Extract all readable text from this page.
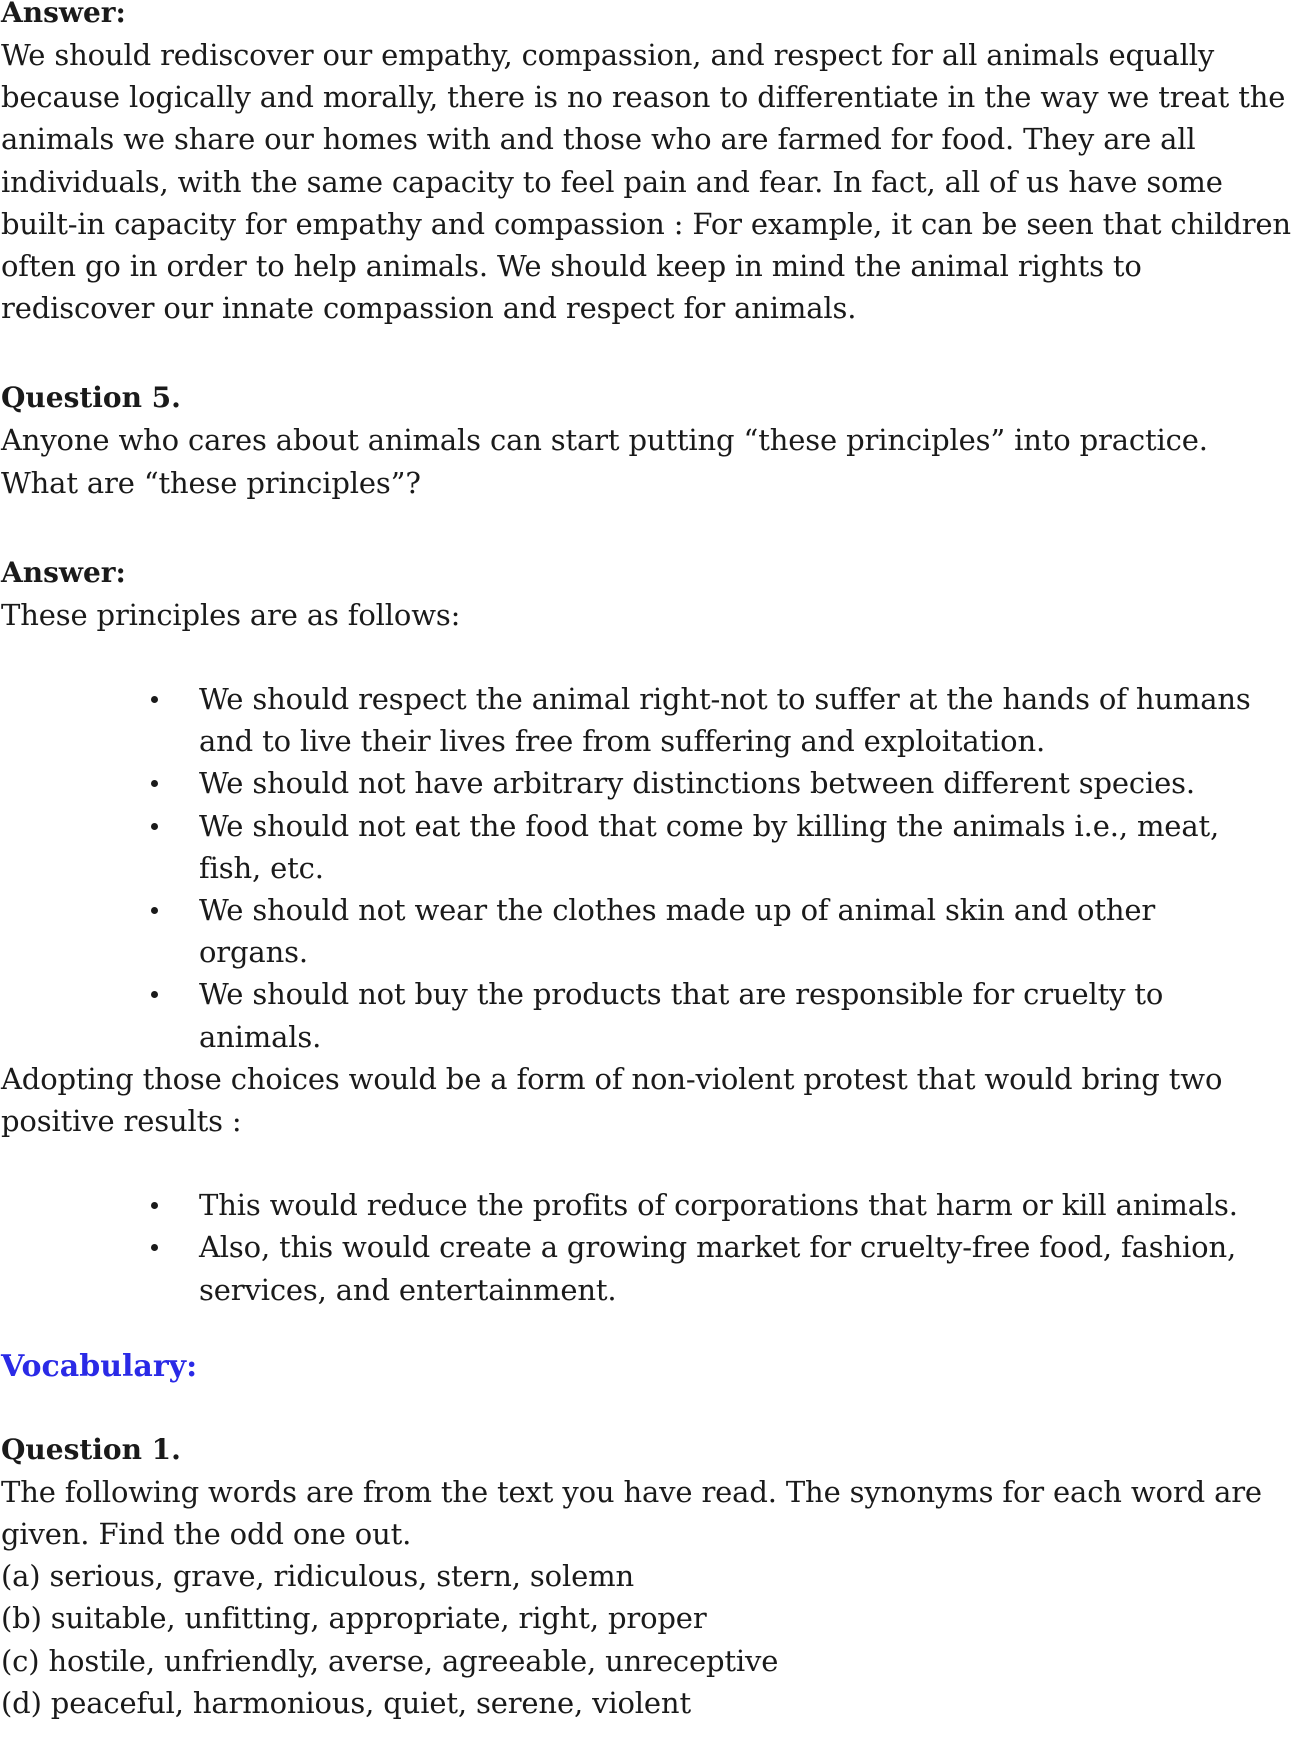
Answer:

We should rediscover our empathy, compassion, and respect for all animals equally because logically and morally, there is no reason to differentiate in the way we treat the animals we share our homes with and those who are farmed for food. They are all individuals, with the same capacity to feel pain and fear. In fact, all of us have some built-in capacity for empathy and compassion : For example, it can be seen that children often go in order to help animals. We should keep in mind the animal rights to rediscover our innate compassion and respect for animals.

Question 5.

Anyone who cares about animals can start putting “these principles” into practice. What are “these principles”?

Answer:

These principles are as follows:

We should respect the animal right-not to suffer at the hands of humans and to live their lives free from suffering and exploitation.
We should not have arbitrary distinctions between different species.
We should not eat the food that come by killing the animals i.e., meat, fish, etc.
We should not wear the clothes made up of animal skin and other organs.
We should not buy the products that are responsible for cruelty to animals.

Adopting those choices would be a form of non-violent protest that would bring two positive results :

This would reduce the profits of corporations that harm or kill animals.
Also, this would create a growing market for cruelty-free food, fashion, services, and entertainment.

Vocabulary:

Question 1.

The following words are from the text you have read. The synonyms for each word are given. Find the odd one out.

(a) serious, grave, ridiculous, stern, solemn

(b) suitable, unfitting, appropriate, right, proper

(c) hostile, unfriendly, averse, agreeable, unreceptive

(d) peaceful, harmonious, quiet, serene, violent
